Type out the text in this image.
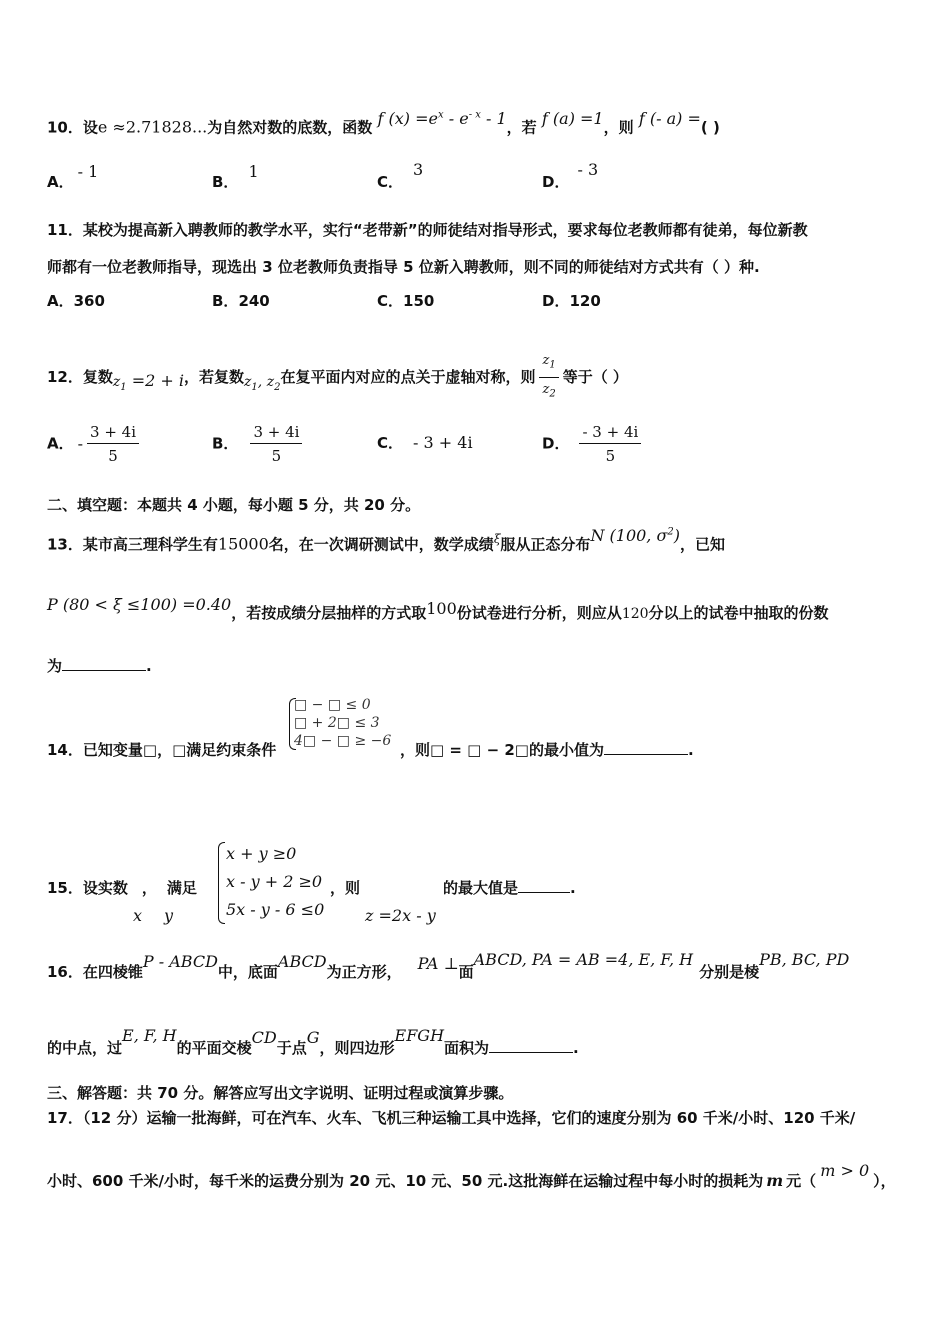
10．设e ≈2.71828...为自然对数的底数，函数 f $(x) =e^x - e^{- x} - 1$，若 f (a) =1，则 f (- a) =( )
A．- 1
B．1
C．3
D．- 3
11．某校为提高新入聘教师的教学水平，实行“老带新”的师徒结对指导形式，要求每位老教师都有徒弟，每位新教
师都有一位老教师指导，现选出 3 位老教师负责指导 5 位新入聘教师，则不同的师徒结对方式共有（ ）种.
A．360	B．240	C．150	D．120
12．复数$z_1 =2 + i$，若复数$z_1$, $z_2$在复平面内对应的点关于虚轴对称，则 $\frac{z_1}{z_2}$ 等于（ ）
A． - $\frac{3 + 4i}{5}$	B． $\frac{3 + 4i}{5}$	C． - 3 + 4i	D． $\frac{- 3 + 4i}{5}$
二、填空题：本题共 4 小题，每小题 5 分，共 20 分。
13．某市高三理科学生有15000名，在一次调研测试中，数学成绩$^\xi$服从正态分布N (100, $\sigma^2$)，已知
P (80 < ξ ≤100) =0.40，若按成绩分层抽样的方式取100份试卷进行分析，则应从120分以上的试卷中抽取的份数
为	.
14．已知变量□，□满足约束条件
□ − □ ≤ 0
□ + 2□ ≤ 3
4□ − □ ≥ −6 ，则□ = □ − 2□的最小值为	.
15．设实数 ， 满足
x y
x + y ≥0
x - y + 2 ≥0
5x - y - 6 ≤0
，则
z =2x - y
的最大值是	.
16．在四棱锥P - ABCD中，底面ABCD为正方形， PA ⊥面ABCD, PA = AB =4, E, F, H分别是棱PB, BC, PD
的中点，过E, F, H的平面交棱CD于点G，则四边形EFGH面积为	.
三、解答题：共 70 分。解答应写出文字说明、证明过程或演算步骤。
17．（12 分）运输一批海鲜，可在汽车、火车、飞机三种运输工具中选择，它们的速度分别为 60 千米/小时、120 千米/
小时、600 千米/小时，每千米的运费分别为 20 元、10 元、50 元.这批海鲜在运输过程中每小时的损耗为 m 元（m > 0），
